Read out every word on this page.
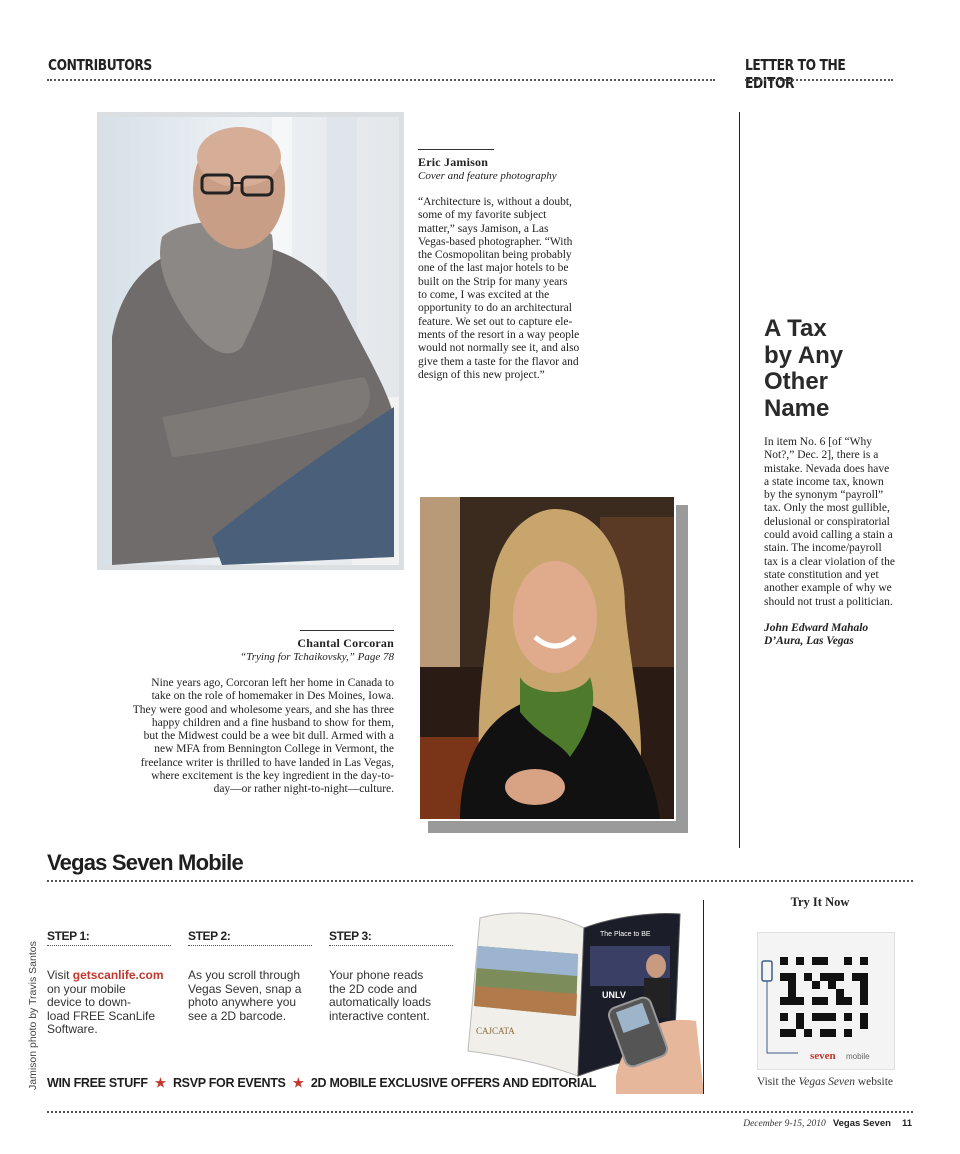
CONTRIBUTORS	LETTER TO THE EDITOR
Eric Jamison
Cover and feature photography
“Architecture is, without a doubt,
some of my favorite subject
matter,” says Jamison, a Las
Vegas-based photographer. “With
the Cosmopolitan being probably
one of the last major hotels to be
built on the Strip for many years
to come, I was excited at the
opportunity to do an architectural
feature. We set out to capture ele-
ments of the resort in a way people
would not normally see it, and also
give them a taste for the flavor and
design of this new project.”
Chantal Corcoran
“Trying for Tchaikovsky,” Page 78
Nine years ago, Corcoran left her home in Canada to
take on the role of homemaker in Des Moines, Iowa.
They were good and wholesome years, and she has three
happy children and a fine husband to show for them,
but the Midwest could be a wee bit dull. Armed with a
new MFA from Bennington College in Vermont, the
freelance writer is thrilled to have landed in Las Vegas,
where excitement is the key ingredient in the day-to-
day—or rather night-to-night—culture.
A Tax
by Any
Other
Name
In item No. 6 [of “Why
Not?,” Dec. 2], there is a
mistake. Nevada does have
a state income tax, known
by the synonym “payroll”
tax. Only the most gullible,
delusional or conspiratorial
could avoid calling a stain a
stain. The income/payroll
tax is a clear violation of the
state constitution and yet
another example of why we
should not trust a politician.
John Edward Mahalo
D’Aura, Las Vegas
Vegas Seven Mobile
Jamison photo by Travis Santos
STEP 1:
Visit getscanlife.com
on your mobile
device to down-
load FREE ScanLife
Software.
STEP 2:
As you scroll through
Vegas Seven, snap a
photo anywhere you
see a 2D barcode.
STEP 3:
Your phone reads
the 2D code and
automatically loads
interactive content.
CAJCATA
The Place to BE
UNLV
WIN FREE STUFF ★ RSVP FOR EVENTS ★ 2D MOBILE EXCLUSIVE OFFERS AND EDITORIAL
Try It Now
seven mobile
Visit the Vegas Seven website
December 9-15, 2010 Vegas Seven 11
